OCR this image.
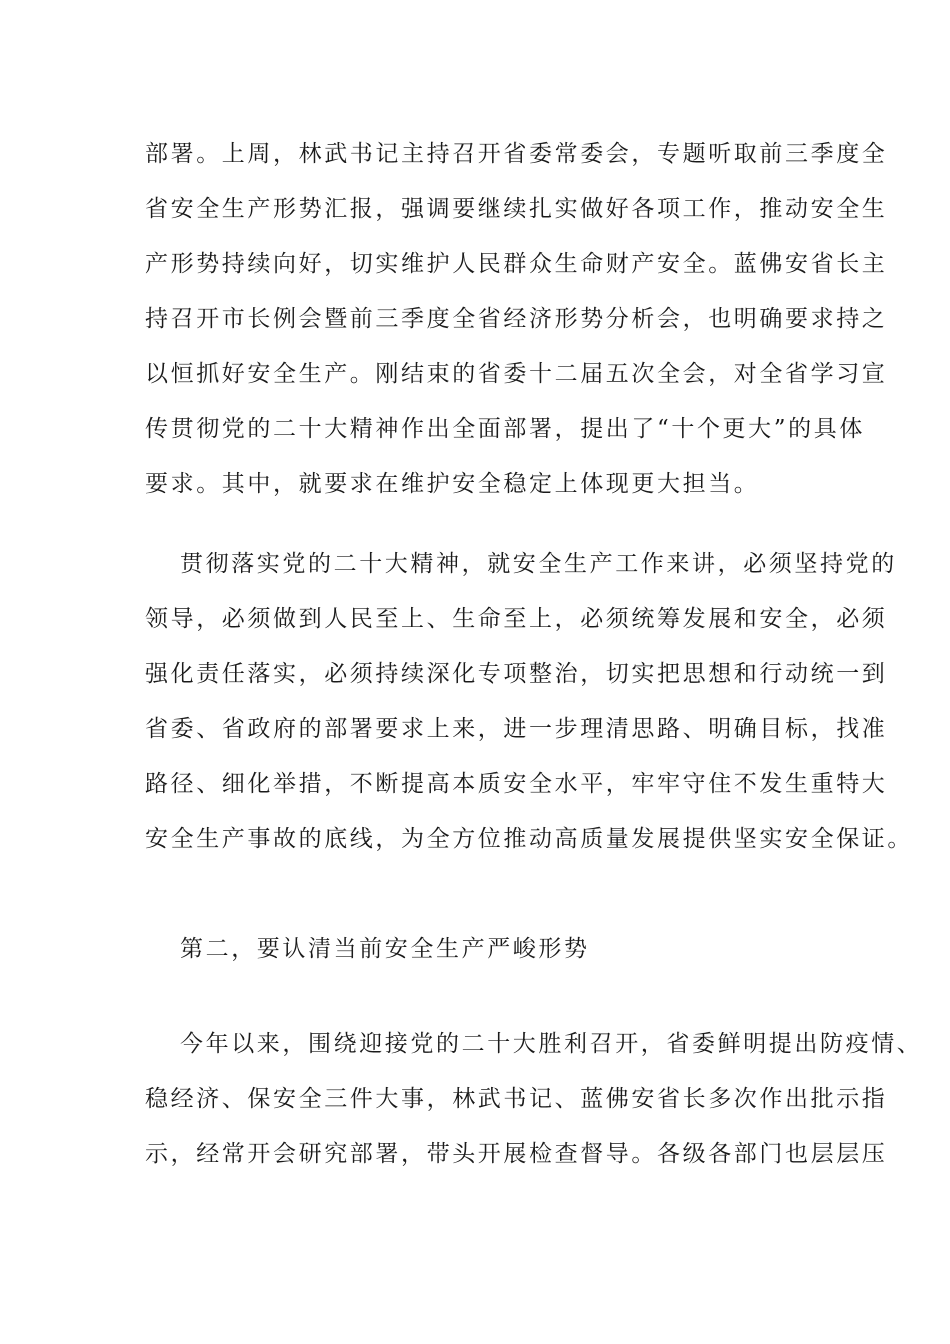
部署。上周，林武书记主持召开省委常委会，专题听取前三季度全
省安全生产形势汇报，强调要继续扎实做好各项工作，推动安全生
产形势持续向好，切实维护人民群众生命财产安全。蓝佛安省长主
持召开市长例会暨前三季度全省经济形势分析会，也明确要求持之
以恒抓好安全生产。刚结束的省委十二届五次全会，对全省学习宣
传贯彻党的二十大精神作出全面部署，提出了“十个更大”的具体
要求。其中，就要求在维护安全稳定上体现更大担当。
贯彻落实党的二十大精神，就安全生产工作来讲，必须坚持党的
领导，必须做到人民至上、生命至上，必须统筹发展和安全，必须
强化责任落实，必须持续深化专项整治，切实把思想和行动统一到
省委、省政府的部署要求上来，进一步理清思路、明确目标，找准
路径、细化举措，不断提高本质安全水平，牢牢守住不发生重特大
安全生产事故的底线，为全方位推动高质量发展提供坚实安全保证。
第二，要认清当前安全生产严峻形势
今年以来，围绕迎接党的二十大胜利召开，省委鲜明提出防疫情、
稳经济、保安全三件大事，林武书记、蓝佛安省长多次作出批示指
示，经常开会研究部署，带头开展检查督导。各级各部门也层层压
